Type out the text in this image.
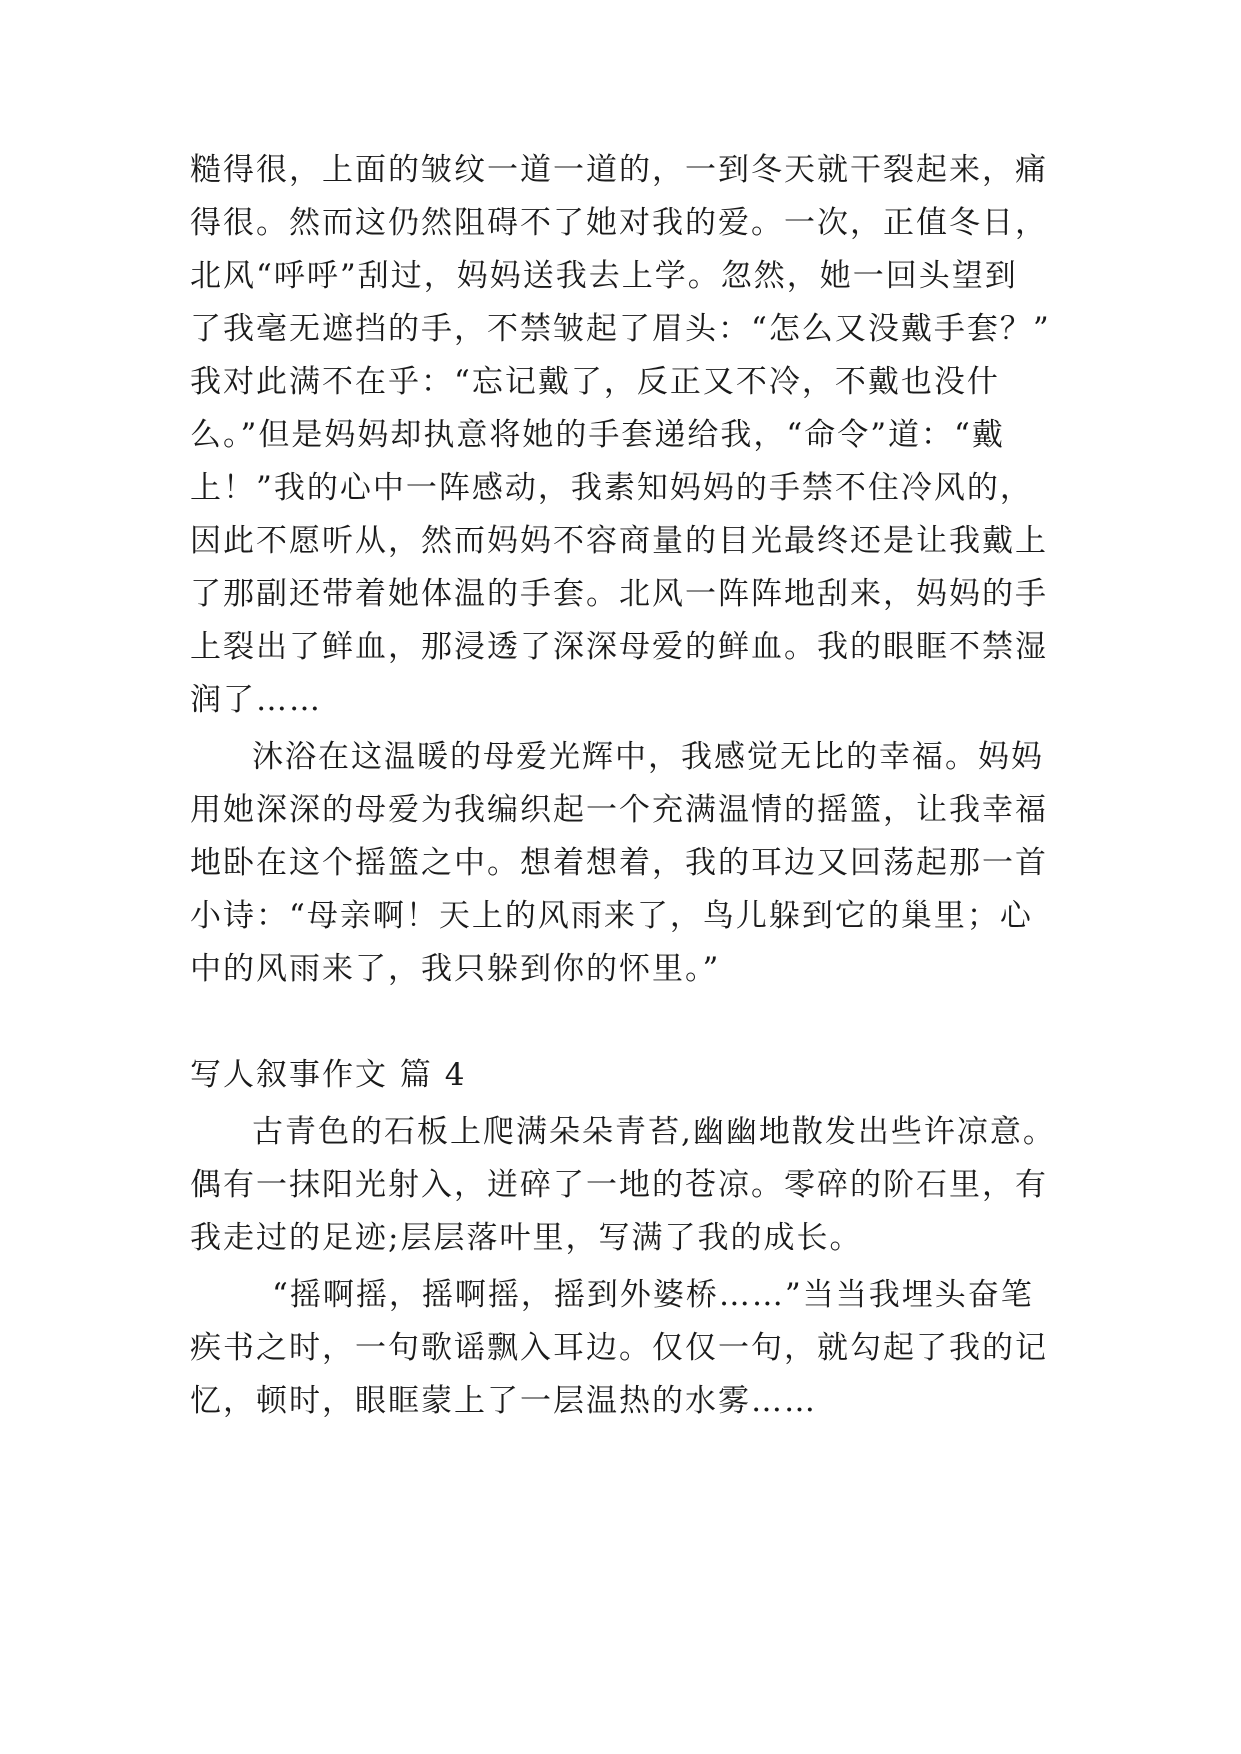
糙得很，上面的皱纹一道一道的，一到冬天就干裂起来，痛
得很。然而这仍然阻碍不了她对我的爱。一次，正值冬日，
北风“呼呼”刮过，妈妈送我去上学。忽然，她一回头望到
了我毫无遮挡的手，不禁皱起了眉头：“怎么又没戴手套？”
我对此满不在乎：“忘记戴了，反正又不冷，不戴也没什
么。”但是妈妈却执意将她的手套递给我，“命令”道：“戴
上！”我的心中一阵感动，我素知妈妈的手禁不住冷风的，
因此不愿听从，然而妈妈不容商量的目光最终还是让我戴上
了那副还带着她体温的手套。北风一阵阵地刮来，妈妈的手
上裂出了鲜血，那浸透了深深母爱的鲜血。我的眼眶不禁湿
润了……
沐浴在这温暖的母爱光辉中，我感觉无比的幸福。妈妈
用她深深的母爱为我编织起一个充满温情的摇篮，让我幸福
地卧在这个摇篮之中。想着想着，我的耳边又回荡起那一首
小诗：“母亲啊！天上的风雨来了，鸟儿躲到它的巢里；心
中的风雨来了，我只躲到你的怀里。”
写人叙事作文 篇 4
古青色的石板上爬满朵朵青苔,幽幽地散发出些许凉意。
偶有一抹阳光射入，迸碎了一地的苍凉。零碎的阶石里，有
我走过的足迹;层层落叶里，写满了我的成长。
“摇啊摇，摇啊摇，摇到外婆桥……”当当我埋头奋笔
疾书之时，一句歌谣飘入耳边。仅仅一句，就勾起了我的记
忆，顿时，眼眶蒙上了一层温热的水雾……
